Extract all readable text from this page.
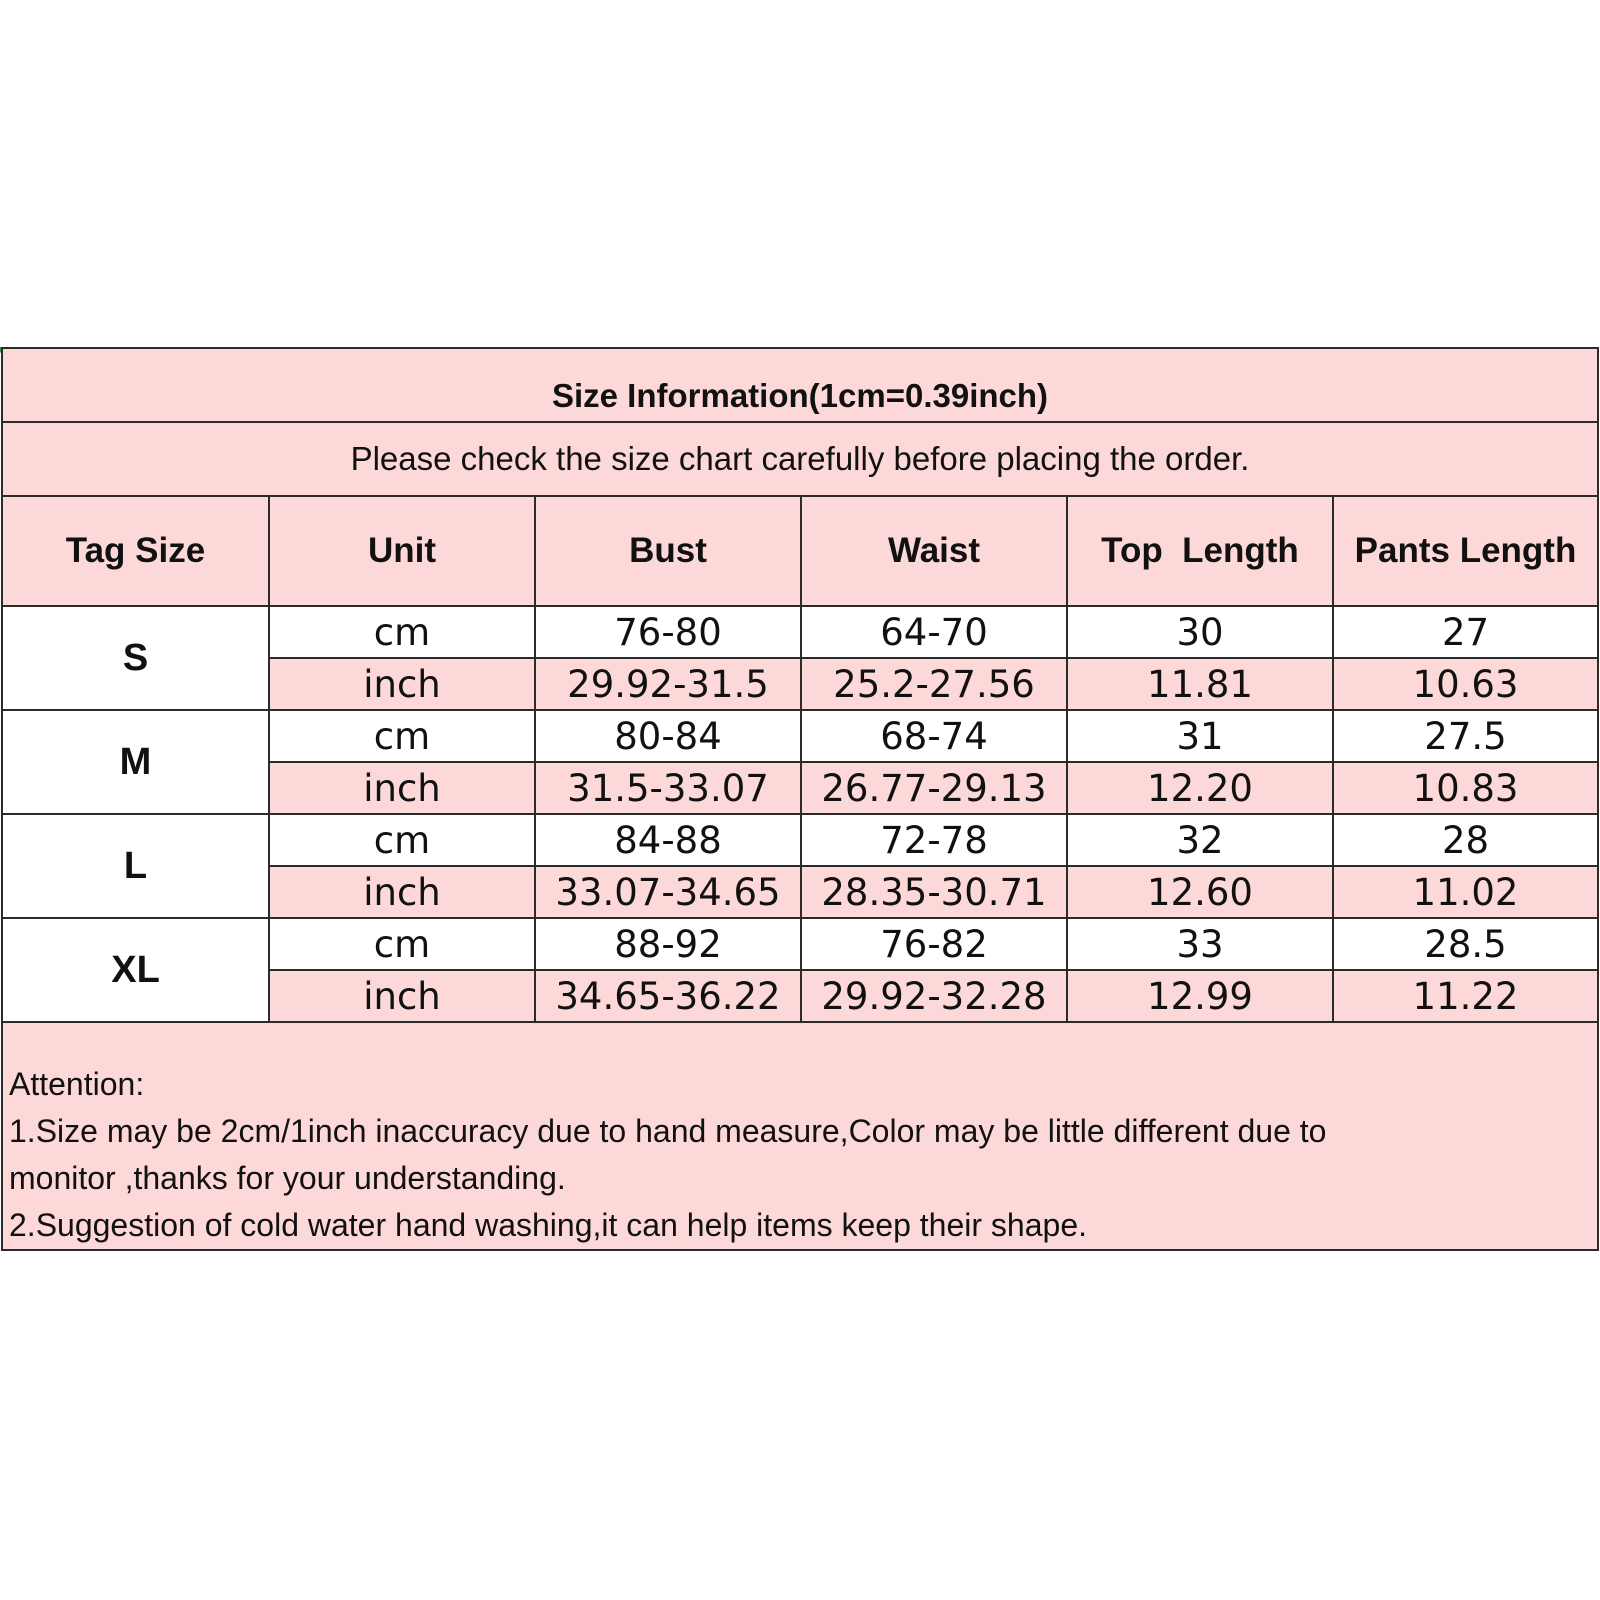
Size Information(1cm=0.39inch)
Please check the size chart carefully before placing the order.
Tag Size	Unit	Bust	Waist	Top  Length	Pants Length
S	cm	76-80	64-70	30	27
	inch	29.92-31.5	25.2-27.56	11.81	10.63
M	cm	80-84	68-74	31	27.5
	inch	31.5-33.07	26.77-29.13	12.20	10.83
L	cm	84-88	72-78	32	28
	inch	33.07-34.65	28.35-30.71	12.60	11.02
XL	cm	88-92	76-82	33	28.5
	inch	34.65-36.22	29.92-32.28	12.99	11.22
Attention:
1.Size may be 2cm/1inch inaccuracy due to hand measure,Color may be little different due to
monitor ,thanks for your understanding.
2.Suggestion of cold water hand washing,it can help items keep their shape.
